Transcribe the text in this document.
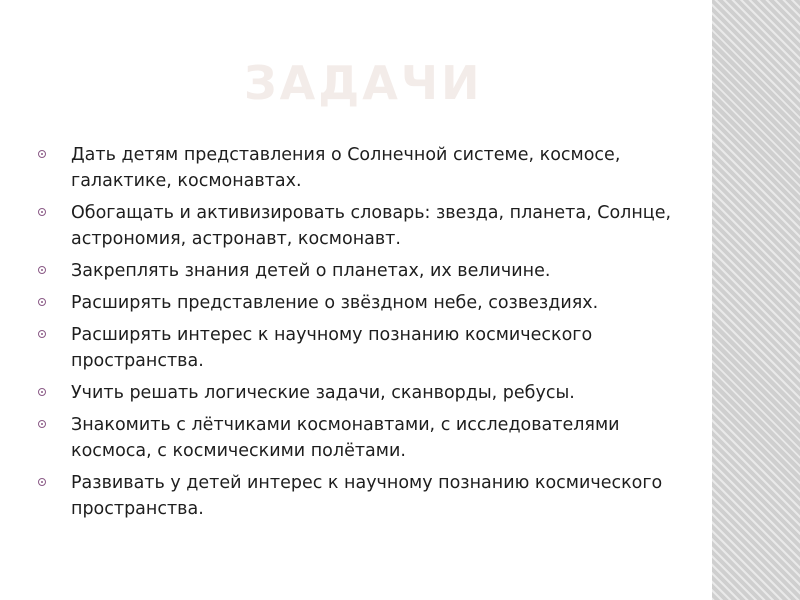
ЗАДАЧИ
Дать детям представления о Солнечной системе, космосе, галактике, космонавтах.
Обогащать и активизировать словарь: звезда, планета, Солнце, астрономия, астронавт, космонавт.
Закреплять знания детей о планетах, их величине.
Расширять представление о звёздном небе, созвездиях.
Расширять интерес к научному познанию космического пространства.
Учить решать логические задачи, сканворды, ребусы.
Знакомить с лётчиками космонавтами, с исследователями космоса, с космическими полётами.
Развивать у детей интерес к научному познанию космического пространства.
